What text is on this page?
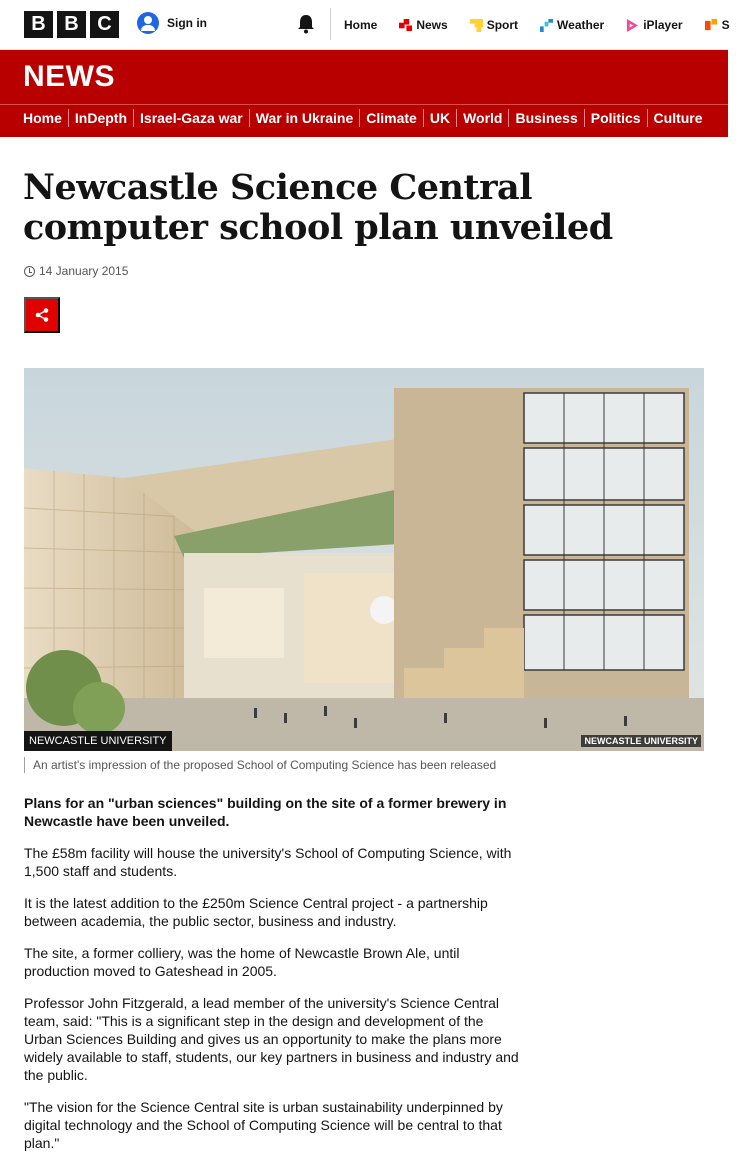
B B C	Sign in	Home	News	Sport	Weather	iPlayer	S
NEWS
Home InDepth Israel-Gaza war War in Ukraine Climate UK World Business Politics Culture
Newcastle Science Central computer school plan unveiled
14 January 2015
NEWCASTLE UNIVERSITY	NEWCASTLE UNIVERSITY
An artist's impression of the proposed School of Computing Science has been released

Plans for an "urban sciences" building on the site of a former brewery in Newcastle have been unveiled.

The £58m facility will house the university's School of Computing Science, with 1,500 staff and students.

It is the latest addition to the £250m Science Central project - a partnership between academia, the public sector, business and industry.

The site, a former colliery, was the home of Newcastle Brown Ale, until production moved to Gateshead in 2005.

Professor John Fitzgerald, a lead member of the university's Science Central team, said: "This is a significant step in the design and development of the Urban Sciences Building and gives us an opportunity to make the plans more widely available to staff, students, our key partners in business and industry and the public.

"The vision for the Science Central site is urban sustainability underpinned by digital technology and the School of Computing Science will be central to that plan."
